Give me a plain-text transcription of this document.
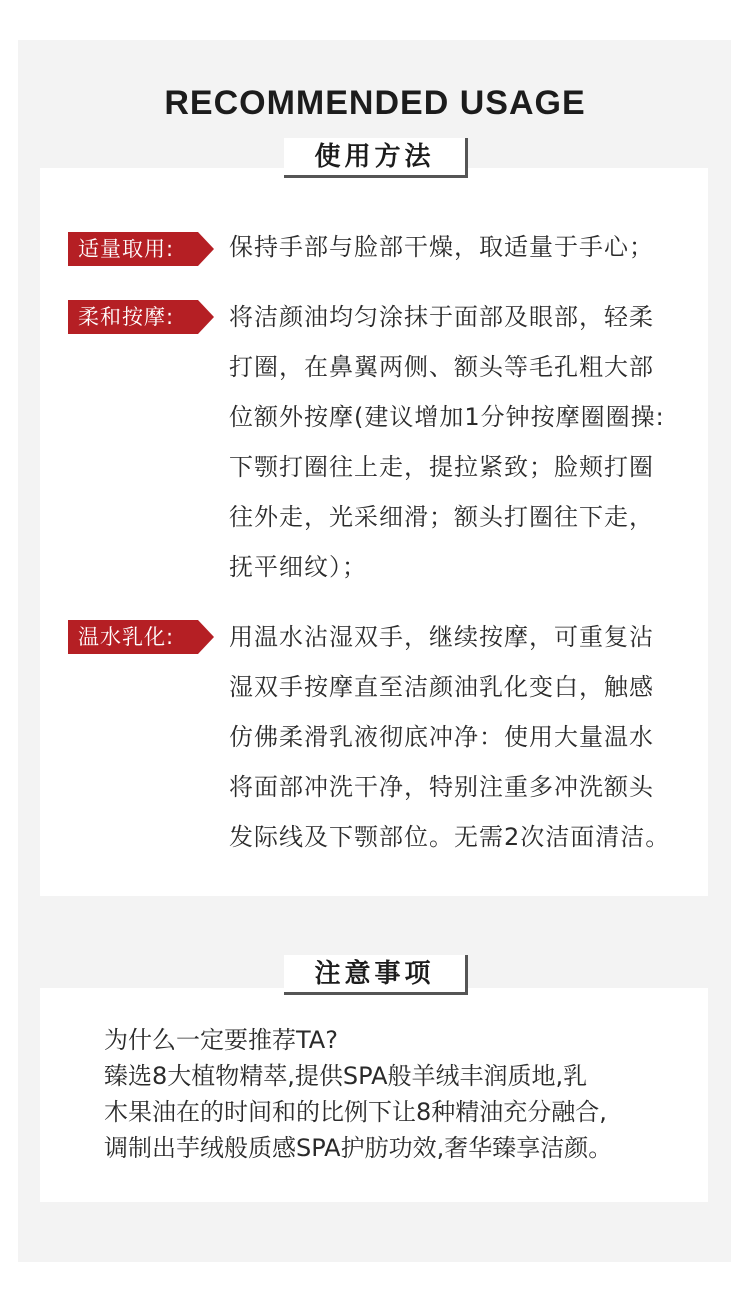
RECOMMENDED USAGE
使用方法
适量取用:	保持手部与脸部干燥，取适量于手心；
柔和按摩:	将洁颜油均匀涂抹于面部及眼部，轻柔
打圈，在鼻翼两侧、额头等毛孔粗大部
位额外按摩(建议增加1分钟按摩圈圈操:
下颚打圈往上走，提拉紧致；脸颊打圈
往外走，光采细滑；额头打圈往下走，
抚平细纹）；
温水乳化:	用温水沾湿双手，继续按摩，可重复沾
湿双手按摩直至洁颜油乳化变白，触感
仿佛柔滑乳液彻底冲净：使用大量温水
将面部冲洗干净，特别注重多冲洗额头
发际线及下颚部位。无需2次洁面清洁。
注意事项
为什么一定要推荐TA?
臻选8大植物精萃,提供SPA般羊绒丰润质地,乳
木果油在的时间和的比例下让8种精油充分融合,
调制出芋绒般质感SPA护肪功效,奢华臻享洁颜。
